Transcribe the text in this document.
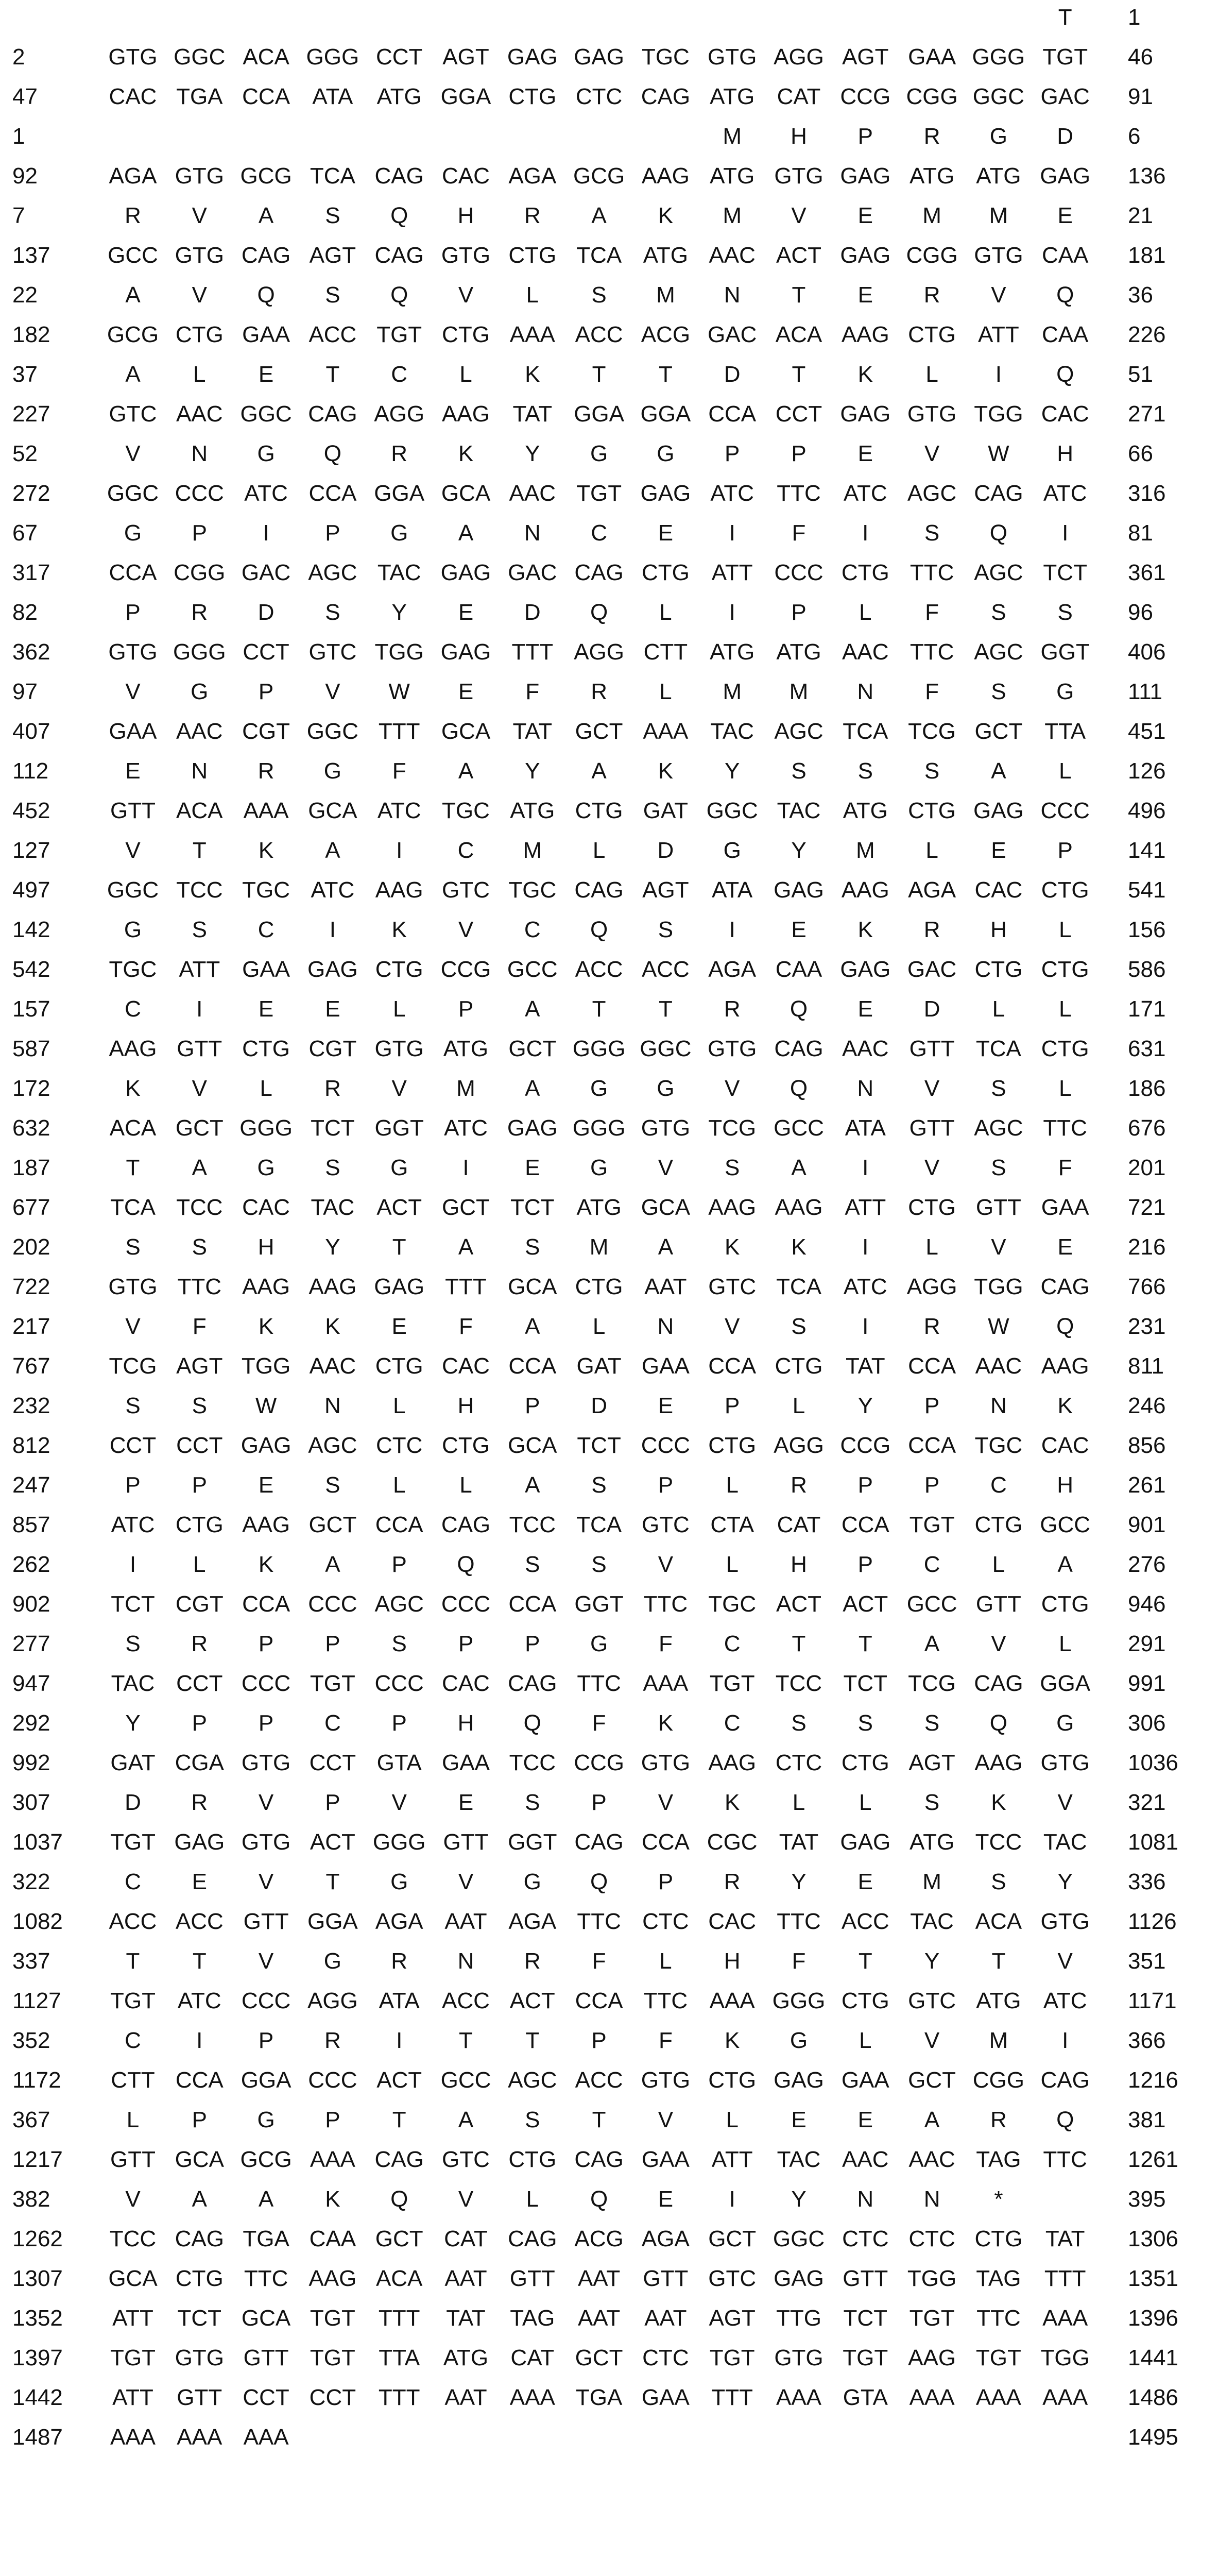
T	1
2	GTG GGC ACA GGG CCT AGT GAG GAG TGC GTG AGG AGT GAA GGG TGT	46
47	CAC TGA CCA ATA	ATG GGA CTG CTC CAG ATG CAT CCG CGG GGC GAC 91
1	M	H	P	R	G	D	6
92	AGA GTG GCG TCA CAG CAC AGA GCG AAG ATG GTG GAG ATG ATG GAG 136
7	R	V	A	S	Q	H	R	A	K	M	V	E	M	M	E	21
137	GCC GTG CAG AGT CAG GTG CTG TCA ATG AAC ACT GAG CGG GTG CAA	181
22	A	V	Q	S	Q	V	L	S	M	N	T	E	R	V	Q	36
182	GCG CTG GAA ACC TGT CTG AAA ACC ACG GAC ACA AAG CTG ATT	CAA	226
37	A	L	E	T	C	L	K	T	T	D	T	K	L	I	Q	51
227	GTC AAC GGC CAG AGG AAG	TAT GGA GGA CCA CCT GAG GTG TGG CAC	271
52	V	N	G	Q	R	K	Y	G	G	P	P	E	V	W	H	66
272	GGC CCC ATC CCA GGA GCA AAC TGT GAG ATC	TTC	ATC AGC CAG ATC	316
67	G	P	I	P	G	A	N	C	E	I	F	I	S	Q	I	81
317	CCA CGG GAC AGC TAC GAG GAC CAG CTG ATT CCC CTG TTC AGC TCT	361
82	P	R	D	S	Y	E	D	Q	L	I	P	L	F	S	S	96
362	GTG GGG CCT GTC TGG GAG TTT AGG CTT ATG ATG AAC TTC AGC GGT 406
97	V	G	P	V	W	E	F	R	L	M	M	N	F	S	G	111
407	GAA AAC CGT GGC TTT GCA TAT	GCT AAA TAC AGC TCA TCG GCT TTA	451
112	E	N	R	G	F	A	Y	A	K	Y	S	S	S	A	L	126
452	GTT ACA AAA GCA ATC TGC ATG CTG GAT GGC TAC ATG CTG GAG CCC 496
127	V	T	K	A	I	C	M	L	D	G	Y	M	L	E	P	141
497	GGC TCC TGC ATC AAG GTC TGC CAG AGT	ATA GAG AAG AGA CAC CTG	541
142	G	S	C	I	K	V	C	Q	S	I	E	K	R	H	L	156
542	TGC ATT GAA GAG CTG CCG GCC ACC ACC AGA CAA GAG GAC CTG CTG	586
157	C	I	E	E	L	P	A	T	T	R	Q	E	D	L	L	171
587	AAG GTT CTG CGT GTG ATG GCT GGG GGC GTG CAG AAC GTT TCA CTG	631
172	K	V	L	R	V	M	A	G	G	V	Q	N	V	S	L	186
632	ACA GCT GGG TCT GGT ATC GAG GGG GTG TCG GCC ATA	GTT AGC TTC	676
187	T	A	G	S	G	I	E	G	V	S	A	I	V	S	F	201
677	TCA TCC CAC TAC ACT GCT TCT ATG GCA AAG AAG ATT CTG GTT GAA	721
202	S	S	H	Y	T	A	S	M	A	K	K	I	L	V	E	216
722	GTG TTC AAG AAG GAG TTT GCA CTG AAT GTC TCA ATC AGG TGG CAG 766
217	V	F	K	K	E	F	A	L	N	V	S	I	R	W	Q	231
767	TCG AGT TGG AAC CTG CAC CCA GAT GAA CCA CTG	TAT	CCA AAC AAG	811
232	S	S	W	N	L	H	P	D	E	P	L	Y	P	N	K	246
812	CCT CCT GAG AGC CTC CTG GCA TCT CCC CTG AGG CCG CCA TGC CAC	856
247	P	P	E	S	L	L	A	S	P	L	R	P	P	C	H	261
857	ATC CTG AAG GCT CCA CAG TCC TCA GTC CTA	CAT CCA TGT CTG GCC 901
262	I	L	K	A	P	Q	S	S	V	L	H	P	C	L	A	276
902	TCT CGT CCA CCC AGC CCC CCA GGT TTC TGC ACT ACT GCC GTT CTG	946
277	S	R	P	P	S	P	P	G	F	C	T	T	A	V	L	291
947	TAC CCT CCC TGT CCC CAC CAG TTC AAA TGT TCC TCT TCG CAG GGA 991
292	Y	P	P	C	P	H	Q	F	K	C	S	S	S	Q	G	306
992	GAT CGA GTG CCT GTA GAA TCC CCG GTG AAG CTC CTG AGT AAG GTG 1036
307	D	R	V	P	V	E	S	P	V	K	L	L	S	K	V	321
1037	TGT GAG GTG ACT GGG GTT GGT CAG CCA CGC TAT GAG ATG TCC TAC	1081
322	C	E	V	T	G	V	G	Q	P	R	Y	E	M	S	Y	336
1082	ACC ACC GTT GGA AGA AAT AGA TTC CTC CAC TTC ACC TAC ACA GTG 1126
337	T	T	V	G	R	N	R	F	L	H	F	T	Y	T	V	351
1127	TGT ATC CCC AGG ATA ACC ACT CCA TTC AAA GGG CTG GTC ATG ATC	1171
352	C	I	P	R	I	T	T	P	F	K	G	L	V	M	I	366
1172	CTT CCA GGA CCC ACT GCC AGC ACC GTG CTG GAG GAA GCT CGG CAG 1216
367	L	P	G	P	T	A	S	T	V	L	E	E	A	R	Q	381
1217	GTT GCA GCG AAA CAG GTC CTG CAG GAA ATT	TAC AAC AAC TAG TTC	1261
382	V	A	A	K	Q	V	L	Q	E	I	Y	N	N	*	395
1262	TCC CAG TGA CAA GCT CAT CAG ACG AGA GCT GGC CTC CTC CTG	TAT	1306
1307 GCA CTG TTC AAG ACA AAT	GTT	AAT	GTT GTC GAG GTT TGG TAG	TTT	1351
1352	ATT	TCT GCA TGT	TTT	TAT	TAG	AAT	AAT AGT TTG TCT TGT TTC AAA	1396
1397	TGT GTG GTT TGT	TTA	ATG CAT GCT CTC TGT GTG TGT AAG TGT TGG 1441
1442	ATT	GTT CCT CCT TTT	AAT	AAA TGA GAA TTT	AAA GTA AAA AAA AAA	1486
1487	AAA AAA AAA	1495
